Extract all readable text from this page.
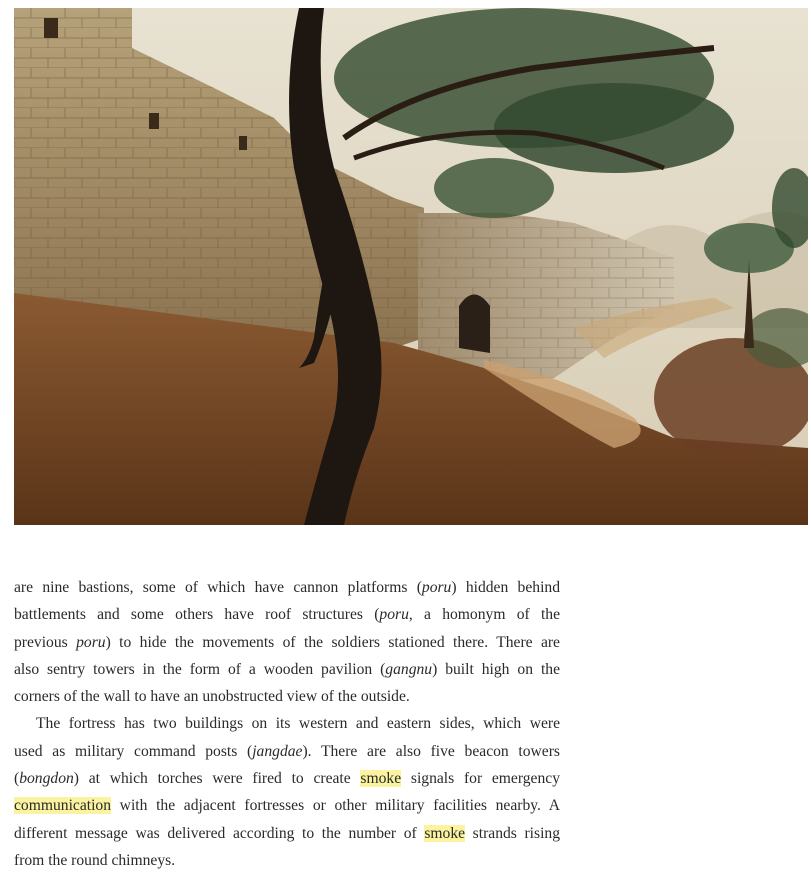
are nine bastions, some of which have cannon platforms (poru) hidden behind
battlements and some others have roof structures (poru, a homonym of the
previous poru) to hide the movements of the soldiers stationed there. There are
also sentry towers in the form of a wooden pavilion (gangnu) built high on the
corners of the wall to have an unobstructed view of the outside.
The fortress has two buildings on its western and eastern sides, which were
used as military command posts (jangdae). There are also five beacon towers
(bongdon) at which torches were fired to create smoke signals for emergency
communication with the adjacent fortresses or other military facilities nearby. A
different message was delivered according to the number of smoke strands rising
from the round chimneys.
